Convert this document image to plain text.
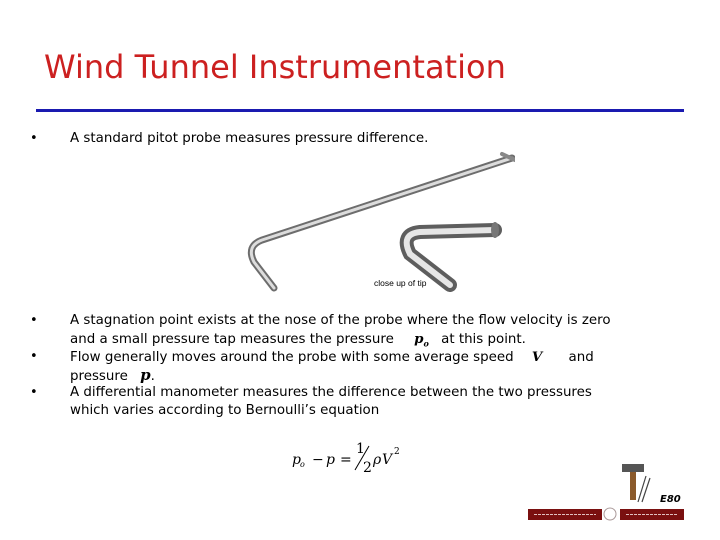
Wind Tunnel Instrumentation
• A standard pitot probe measures pressure difference.
close up of tip
• A stagnation point exists at the nose of the probe where the flow velocity is zero
and a small pressure tap measures the pressure $p_o$ at this point.
• Flow generally moves around the probe with some average speed V and
pressure p.
• A differential manometer measures the difference between the two pressures
which varies according to Bernoulli’s equation
p o − p =
1
2 ρ V 2
E80
